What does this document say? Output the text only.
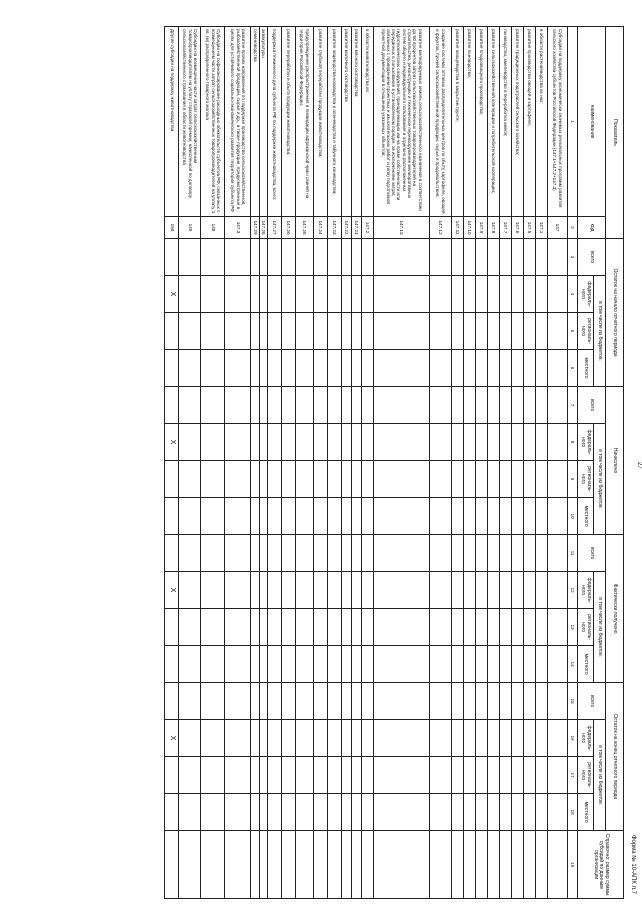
27
Форма № 10-АПК л.7
Показатель		Остаток на начало отчетного периода				Начислено				Фактически получено				Остаток на конец отчетного периода				Справочно: размер суммы субсидий по данным организации
наименование	код	всего	в том числе из бюджетов:			всего	в том числе из бюджетов:			всего	в том числе из бюджетов:			всего	в том числе из бюджетов:			
			федераль-ного	региональ-ного	местного		федераль-ного	региональ-ного	местного		федераль-ного	региональ-ного	местного		федераль-ного	региональ-ного	местного	
1	2	3	4	5	6	7	8	9	10	11	12	13	14	15	16	17	18	19
Субсидии на поддержку экономически значимых региональных программ развития сельского хозяйства субъектов Российской Федерации (147.1+147.2+147.3)	147																	
в области растениеводства из них:	147.1																	
развитие производства овощей и картофеля;	147.5																	
развитие традиционных подотраслей сельского хозяйства;	147.6																	
льноводство, хмелеводство и переработка хмеля;	147.7																	
развитие сельскохозяйственной кооперации и потребительской кооперации;	147.8																	
развитие плодоовощного производства;	147.9																	
развитие льноводства;	147.10																	
развитие овощеводства в закрытом грунте;	147.11																	
создание системы оптовых распределительных центров по сбыту картофеля, овощей и фруктов, прочей сельскохозяйственной продукции, сырья и продовольствия;	147.12																	
развитие мелиорируемых земель сельскохозяйственного назначения в соответствии до 50 процентов затрат сельскохозяйственных товаропроизводителей на строительство, реконструкцию и техническое перевооружение мелиоративных систем общего и индивидуального пользования и отдельно расположенных гидротехнических сооружений, принадлежащих им на праве собственности или переданных в пользование в установленном порядке, за исключением затрат, связанных с проведением проектных и изыскательских работ и (или) подготовкой проектной документации в отношении указанных объектов;	147.13																	
в области животноводства из:	147.2																	
развитие мясного скотоводства	147.21																	
развитие молочного скотоводства	147.22																	
развитие овцеводства-козоводства и оленеводства и табунного коневодства;	147.23																	
развитие глубокой переработки продукции животноводства;	147.24																	
предупреждение распространения и ликвидации африканской чумы свиней на территории Российской Федерации;	147.25																	
развитие переработки и сбыта продукции животноводства;	147.26																	
поддержка племенного дела субъекта РФ по поддержке животноводства, всего:	147.27																	
аквакультуры	147.28																	
семеноводства	147.29																	
развитие прочих направлений по поддержке производства сельскохозяйственной, рыбохозяйственной продукции, сырья и др., а также продукции, предусмотренные в целях для устойчивого социально-экономического развития территории субъекта РФ	147.3																	
Субсидии на софинансирование расходных обязательств субъектов РФ, связанных с возмещением части затрат сельскохозяйственных товаропроизводителей на уплату 1 кв. (м) распределенного товарного молока	148																	
Субсидии на возмещение части затрат сельскохозяйственным товаропроизводителям на уплату страховой премии, начисленной по договору сельскохозяйственного страхования в области животноводства	149																	
Другие субсидии на поддержку животноводства	150		X				X				X				X			
